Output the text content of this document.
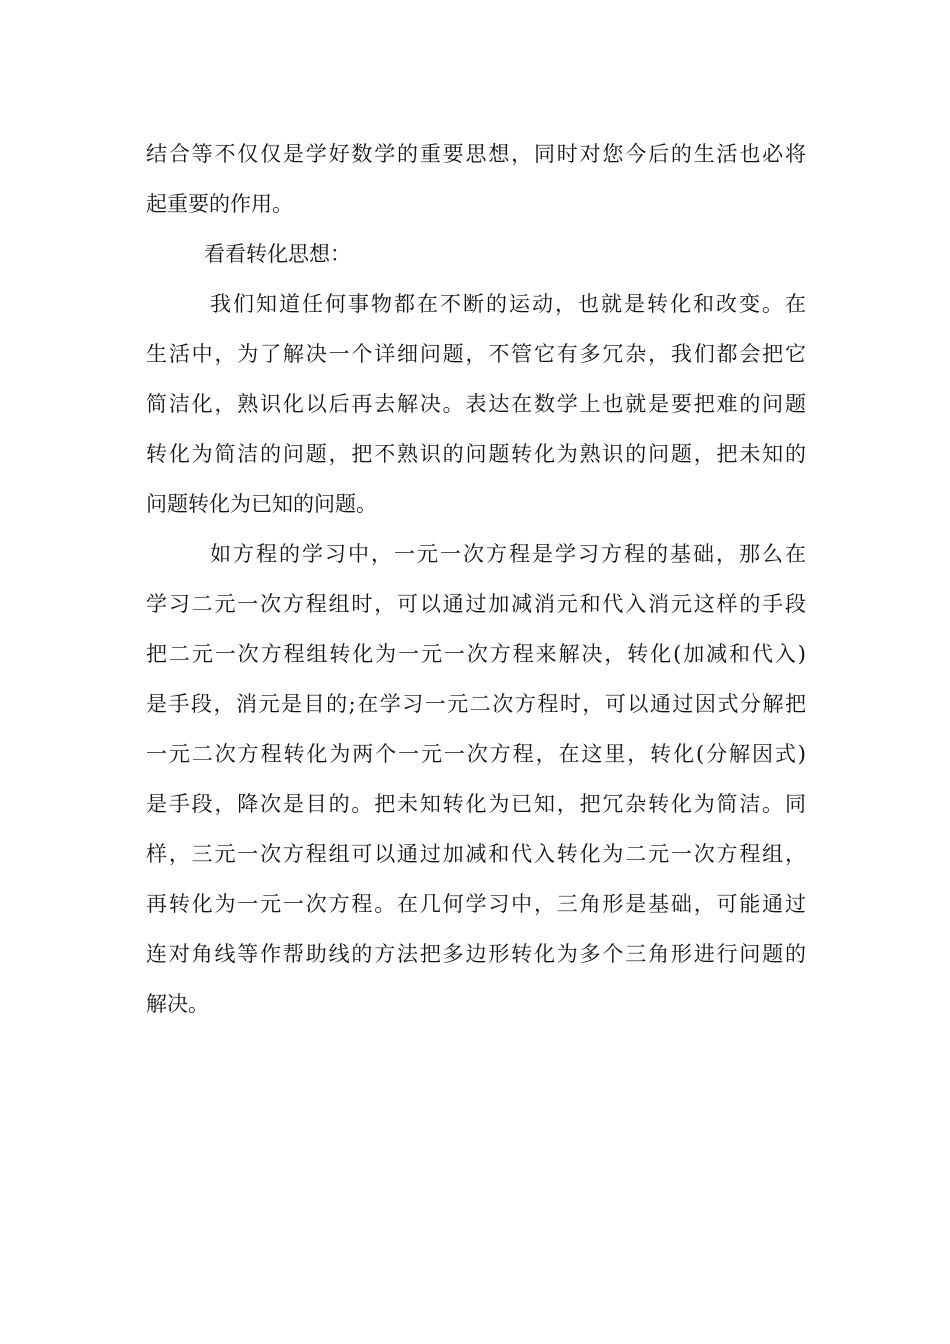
结合等不仅仅是学好数学的重要思想，同时对您今后的生活也必将
起重要的作用。
看看转化思想：
我们知道任何事物都在不断的运动，也就是转化和改变。在
生活中，为了解决一个详细问题，不管它有多冗杂，我们都会把它
简洁化，熟识化以后再去解决。表达在数学上也就是要把难的问题
转化为简洁的问题，把不熟识的问题转化为熟识的问题，把未知的
问题转化为已知的问题。
如方程的学习中，一元一次方程是学习方程的基础，那么在
学习二元一次方程组时，可以通过加减消元和代入消元这样的手段
把二元一次方程组转化为一元一次方程来解决，转化(加减和代入)
是手段，消元是目的;在学习一元二次方程时，可以通过因式分解把
一元二次方程转化为两个一元一次方程，在这里，转化(分解因式)
是手段，降次是目的。把未知转化为已知，把冗杂转化为简洁。同
样，三元一次方程组可以通过加减和代入转化为二元一次方程组，
再转化为一元一次方程。在几何学习中，三角形是基础，可能通过
连对角线等作帮助线的方法把多边形转化为多个三角形进行问题的
解决。
